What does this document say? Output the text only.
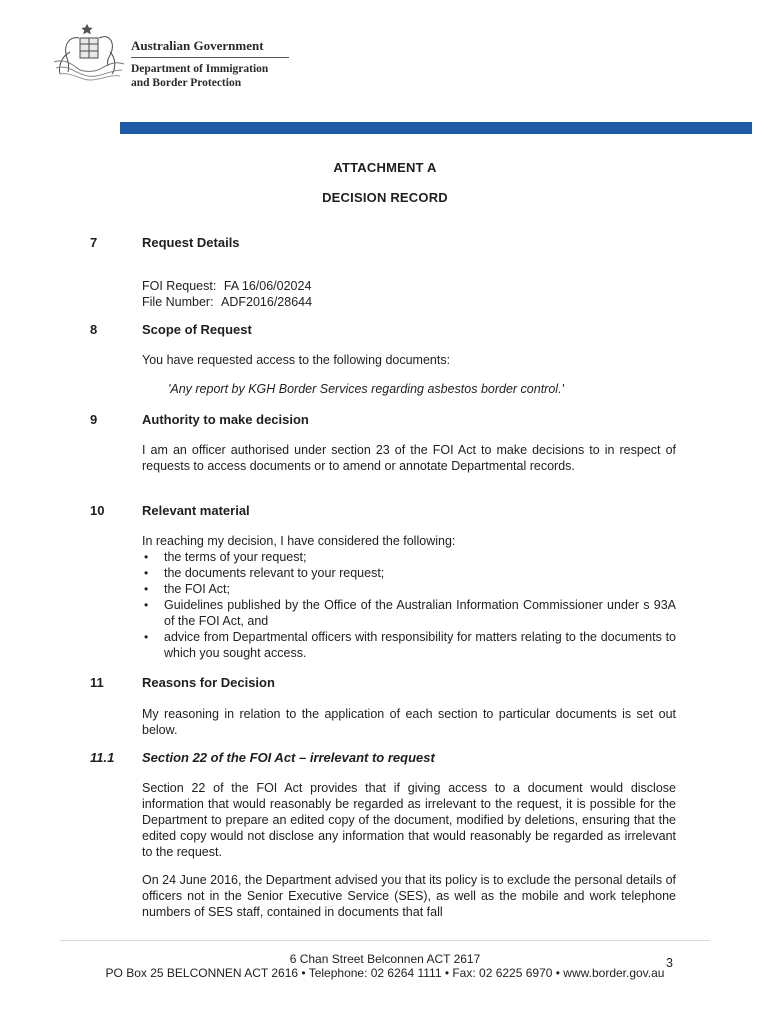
Australian Government
Department of Immigration
and Border Protection
ATTACHMENT A
DECISION RECORD
7	Request Details
FOI Request: FA 16/06/02024
File Number: ADF2016/28644
8	Scope of Request
You have requested access to the following documents:
'Any report by KGH Border Services regarding asbestos border control.'
9	Authority to make decision
I am an officer authorised under section 23 of the FOI Act to make decisions to in respect of requests to access documents or to amend or annotate Departmental records.
10	Relevant material
In reaching my decision, I have considered the following:
• the terms of your request;
• the documents relevant to your request;
• the FOI Act;
• Guidelines published by the Office of the Australian Information Commissioner under s 93A of the FOI Act, and
• advice from Departmental officers with responsibility for matters relating to the documents to which you sought access.
11	Reasons for Decision
My reasoning in relation to the application of each section to particular documents is set out below.
11.1 Section 22 of the FOI Act – irrelevant to request
Section 22 of the FOI Act provides that if giving access to a document would disclose information that would reasonably be regarded as irrelevant to the request, it is possible for the Department to prepare an edited copy of the document, modified by deletions, ensuring that the edited copy would not disclose any information that would reasonably be regarded as irrelevant to the request.
On 24 June 2016, the Department advised you that its policy is to exclude the personal details of officers not in the Senior Executive Service (SES), as well as the mobile and work telephone numbers of SES staff, contained in documents that fall
6 Chan Street Belconnen ACT 2617	3
PO Box 25 BELCONNEN ACT 2616 • Telephone: 02 6264 1111 • Fax: 02 6225 6970 • www.border.gov.au
